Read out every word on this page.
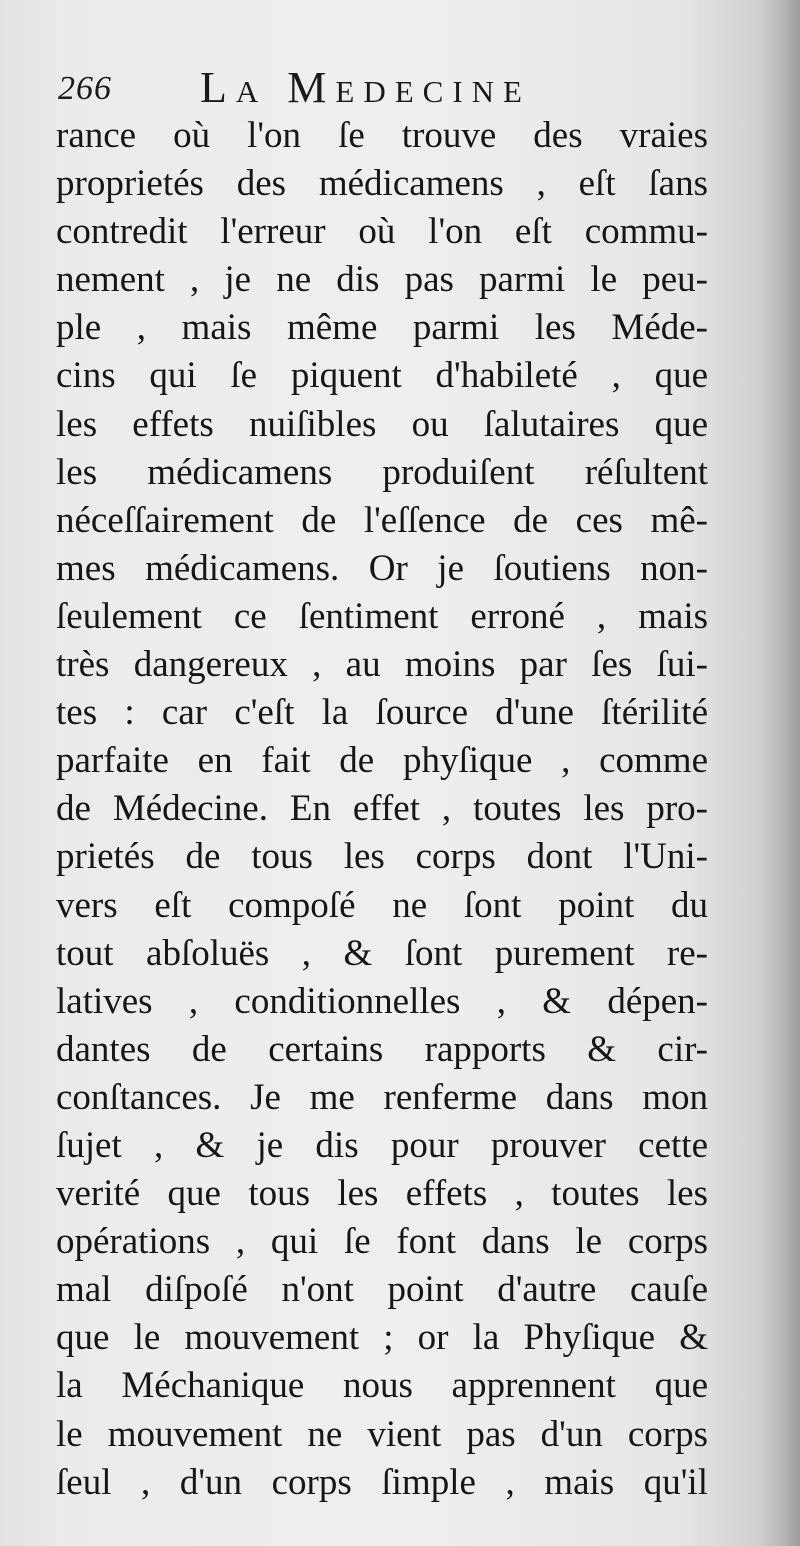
266 La Medecine
rance où l'on ſe trouve des vraies
proprietés des médicamens , eſt ſans
contredit l'erreur où l'on eſt commu-
nement , je ne dis pas parmi le peu-
ple , mais même parmi les Méde-
cins qui ſe piquent d'habileté , que
les effets nuiſibles ou ſalutaires que
les médicamens produiſent réſultent
néceſſairement de l'eſſence de ces mê-
mes médicamens. Or je ſoutiens non-
ſeulement ce ſentiment erroné , mais
très dangereux , au moins par ſes ſui-
tes : car c'eſt la ſource d'une ſtérilité
parfaite en fait de phyſique , comme
de Médecine. En effet , toutes les pro-
prietés de tous les corps dont l'Uni-
vers eſt compoſé ne ſont point du
tout abſoluës , & ſont purement re-
latives , conditionnelles , & dépen-
dantes de certains rapports & cir-
conſtances. Je me renferme dans mon
ſujet , & je dis pour prouver cette
verité que tous les effets , toutes les
opérations , qui ſe font dans le corps
mal diſpoſé n'ont point d'autre cauſe
que le mouvement ; or la Phyſique &
la Méchanique nous apprennent que
le mouvement ne vient pas d'un corps
ſeul , d'un corps ſimple , mais qu'il
